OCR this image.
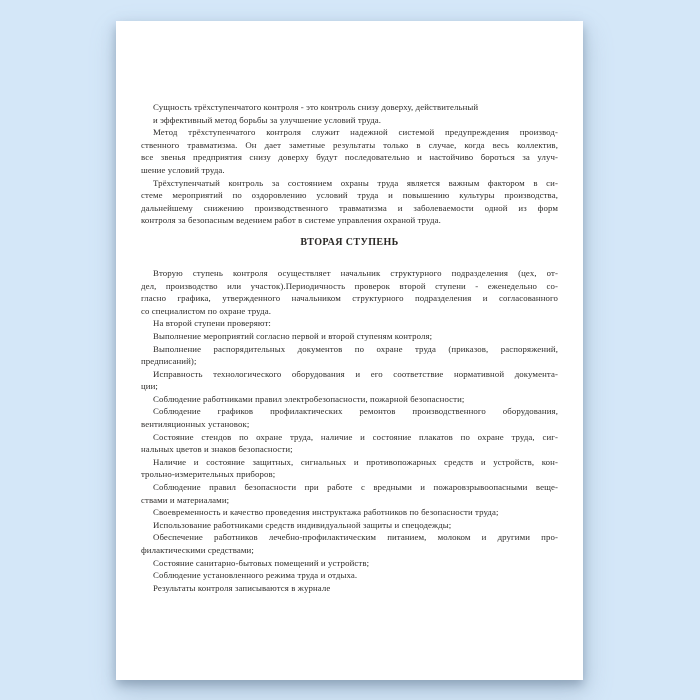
Сущность трёхступенчатого контроля - это контроль снизу доверху, действительный
и эффективный метод борьбы за улучшение условий труда.
Метод трёхступенчатого контроля служит надежной системой предупреждения производ-
ственного травматизма. Он дает заметные результаты только в случае, когда весь коллектив,
все звенья предприятия снизу доверху будут последовательно и настойчиво бороться за улуч-
шение условий труда.
Трёхступенчатый контроль за состоянием охраны труда является важным фактором в си-
стеме мероприятий по оздоровлению условий труда и повышению культуры производства,
дальнейшему снижению производственного травматизма и заболеваемости одной из форм
контроля за безопасным ведением работ в системе управления охраной труда.
ВТОРАЯ СТУПЕНЬ
Вторую ступень контроля осуществляет начальник структурного подразделения (цех, от-
дел, производство или участок).Периодичность проверок второй ступени - еженедельно со-
гласно графика, утвержденного начальником структурного подразделения и согласованного
со специалистом по охране труда.
На второй ступени проверяют:
Выполнение мероприятий согласно первой и второй ступеням контроля;
Выполнение распорядительных документов по охране труда (приказов, распоряжений,
предписаний);
Исправность технологического оборудования и его соответствие нормативной документа-
ции;
Соблюдение работниками правил электробезопасности, пожарной безопасности;
Соблюдение графиков профилактических ремонтов производственного оборудования,
вентиляционных установок;
Состояние стендов по охране труда, наличие и состояние плакатов по охране труда, сиг-
нальных цветов и знаков безопасности;
Наличие и состояние защитных, сигнальных и противопожарных средств и устройств, кон-
трольно-измерительных приборов;
Соблюдение правил безопасности при работе с вредными и пожаровзрывоопасными веще-
ствами и материалами;
Своевременность и качество проведения инструктажа работников по безопасности труда;
Использование работниками средств индивидуальной защиты и спецодежды;
Обеспечение работников лечебно-профилактическим питанием, молоком и другими про-
филактическими средствами;
Состояние санитарно-бытовых помещений и устройств;
Соблюдение установленного режима труда и отдыха.
Результаты контроля записываются в журнале
